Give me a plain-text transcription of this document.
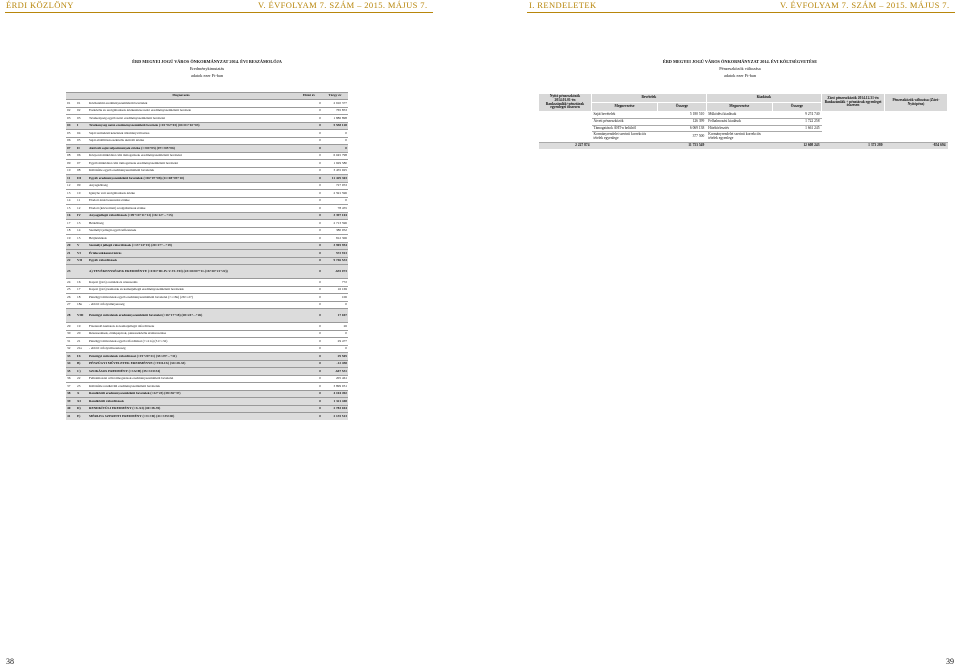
ÉRDI KÖZLÖNY	V. ÉVFOLYAM 7. SZÁM – 2015. MÁJUS 7.	I. RENDELETEK	V. ÉVFOLYAM 7. SZÁM – 2015. MÁJUS 7.
ÉRD MEGYEI JOGÚ VÁROS ÖNKORMÁNYZAT 2014. ÉVI BESZÁMOLÓJA
Eredménykimutatás
adatok ezer Ft-ban
Megnevezés			Előző év	Tárgy év
01	01	Közhatalmi eredményszemléletű bevételek	0	2 910 377
02	02	Eszközök és szolgáltatások értékesítése nettó eredményszemléletű bevétele	0	765 853
03	03	Tevékenység egyéb nettó eredményszemléletű bevételei	0	1 886 898
04	I	Tevékenység nettó eredményszemléletű bevétele (=01+02+03) (04=01+02+03)	0	5 558 128
05	04	Saját termelésű készletek állományváltozása	0	0
06	05	Saját előállítású eszközök aktivált értéke	0	0
07	II	Aktivált saját teljesítmények értéke (=±04+05) (07=±05+06)	0	0
08	06	Központi működési célú támogatások eredményszemléletű bevételei	0	6 045 798
09	07	Egyéb működési célú támogatások eredményszemléletű bevételei	0	1 929 580
10	08	Különféle egyéb eredményszemléletű bevételek	0	3 455 925
11	III	Egyéb eredményszemléletű bevételek (=06+07+08) (11=08+09+10)	0	11 429 303
12	09	Anyagköltség	0	727 053
13	10	Igénybe vett szolgáltatások értéke	0	2 591 596
14	11	Eladott áruk beszerzési értéke	0	0
15	12	Eladott (közvetített) szolgáltatások értéke	0	78 455
16	IV	Anyagjellegű ráfordítások (=09+10+11+12) (16=12+...+15)	0	3 397 104
17	13	Bérköltség	0	2 713 596
18	14	Személyi jellegű egyéb kifizetések	0	380 052
19	15	Bérjárulékok	0	812 306
20	V	Személyi jellegű ráfordítások (=13+14+15) (20=17+...+19)	0	3 905 954
21	VI	Értékcsökkenési leírás	0	572 913
22	VII	Egyéb ráfordítások	0	9 746 533
23		A) TEVÉKENYSÉGEK EREDMÉNYE (=I±II+III-IV-V-VI-VII) (23=04±07+11-(16+20+21+22))	0	-635 073
24	16	Kapott (járó) osztalék és részesedés	0	772
25	17	Kapott (járó) kamatok és kamatjellegű eredményszemléletű bevételek	0	16 169
26	18	Pénzügyi műveletek egyéb eredményszemléletű bevételei (>=18a) (26>=27)	0	106
27	18a	- ebből: árfolyamnyereség	0	0
28	VIII	Pénzügyi műveletek eredményszemléletű bevételei (=16+17+18) (28=24+...+26)	0	17 047
29	19	Fizetendő kamatok és kamatjellegű ráfordítások	0	26
30	20	Részesedések, értékpapírok, pénzeszközök értékvesztése	0	0
31	21	Pénzügyi műveletek egyéb ráfordításai (>=21a) (31>=32)	0	29 477
32	21a	- ebből: árfolyamveszteség	0	0
33	IX	Pénzügyi műveletek ráfordításai (=19+20+21) (33=29+...+31)	0	29 505
34	B)	PÉNZÜGYI MŰVELETEK EREDMÉNYE (=VIII-IX) (34=28-33)	0	-12 458
35	C)	SZOKÁSOS EREDMÉNY (=±A±B) (35=±23±34)	0	-647 531
36	22	Felhalmozási célú támogatások eredményszemléletű bevételei	0	205 461
37	23	Különféle rendkívüli eredményszemléletű bevételek	0	3 899 031
38	X	Rendkívüli eredményszemléletű bevételek (=22+23) (38=36+37)	0	4 104 492
39	XI	Rendkívüli ráfordítások	0	1 321 448
40	D)	RENDKÍVÜLI EREDMÉNY (=X-XI) (40=38-39)	0	2 783 044
41	E)	MÉRLEG SZERINTI EREDMÉNY (=±C±D) (41=±35±40)	0	2 135 513
ÉRD MEGYEI JOGÚ VÁROS ÖNKORMÁNYZAT 2014. ÉVI KÖLTSÉGVETÉSE
Pénzeszközök változása
adatok ezer Ft-ban
Nyitó pénzeszközök 2014.01.01-én Bankszámlák+pénztárak egyenlegei összesen	Bevételek		Kiadások		Záró pénzeszközök 2014.12.31-én Bankszámlák + pénztárak egyenlegei összesen	Pénzeszközök változása (Záró-Nyitópénz)
	Megnevezése	Összege	Megnevezése	Összege		
	Saját bevételek	5 180 510	Működési kiadások	9 274 740		
	Átvett pénzeszközök	126 399	Felhalmozási kiadások	1 722 258		
	Támogatások ÁHT-n belülről	6 069 138	Hiteltörlesztés	1 661 245		
	Kormányrendelet szerinti korrekciós tételek egyenlege	377 500	Kormányrendelet szerinti korrekciós tételek egyenlege			
2 227 874		11 753 549		12 608 243	1 373 280	-854 694
38	39
